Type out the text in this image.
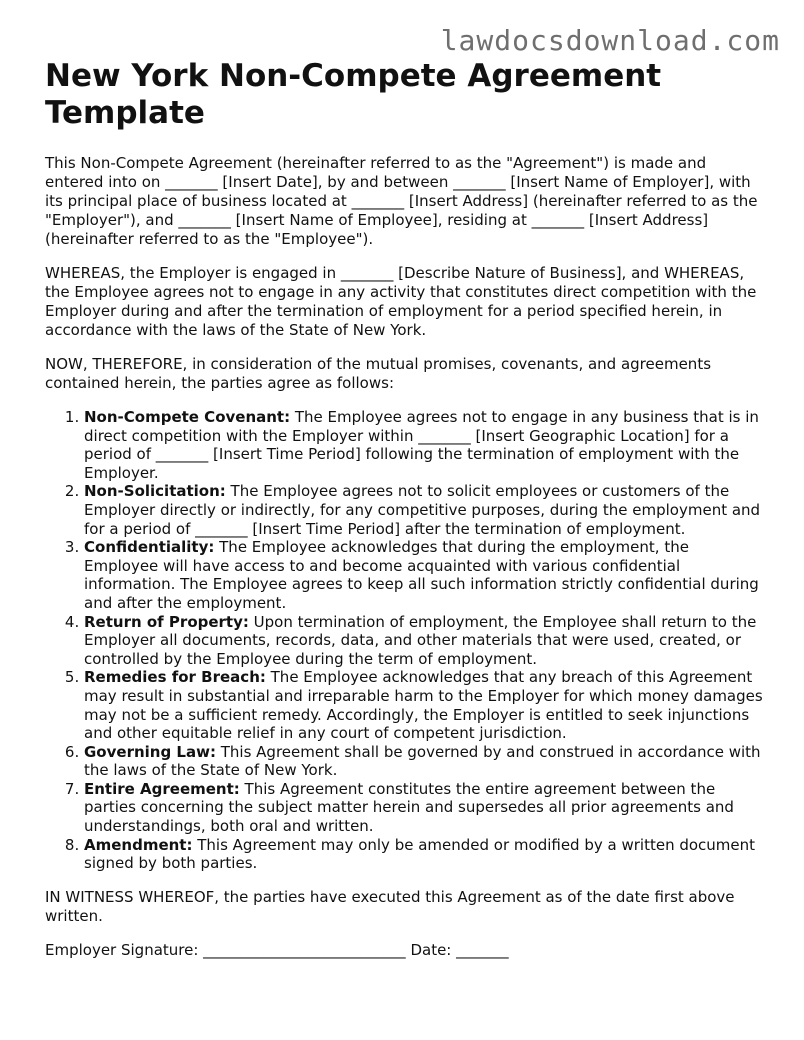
lawdocsdownload.com
New York Non-Compete Agreement Template

This Non-Compete Agreement (hereinafter referred to as the "Agreement") is made and entered into on _______ [Insert Date], by and between _______ [Insert Name of Employer], with its principal place of business located at _______ [Insert Address] (hereinafter referred to as the "Employer"), and _______ [Insert Name of Employee], residing at _______ [Insert Address] (hereinafter referred to as the "Employee").

WHEREAS, the Employer is engaged in _______ [Describe Nature of Business], and WHEREAS, the Employee agrees not to engage in any activity that constitutes direct competition with the Employer during and after the termination of employment for a period specified herein, in accordance with the laws of the State of New York.

NOW, THEREFORE, in consideration of the mutual promises, covenants, and agreements contained herein, the parties agree as follows:

1. Non-Compete Covenant: The Employee agrees not to engage in any business that is in direct competition with the Employer within _______ [Insert Geographic Location] for a period of _______ [Insert Time Period] following the termination of employment with the Employer.
2. Non-Solicitation: The Employee agrees not to solicit employees or customers of the Employer directly or indirectly, for any competitive purposes, during the employment and for a period of _______ [Insert Time Period] after the termination of employment.
3. Confidentiality: The Employee acknowledges that during the employment, the Employee will have access to and become acquainted with various confidential information. The Employee agrees to keep all such information strictly confidential during and after the employment.
4. Return of Property: Upon termination of employment, the Employee shall return to the Employer all documents, records, data, and other materials that were used, created, or controlled by the Employee during the term of employment.
5. Remedies for Breach: The Employee acknowledges that any breach of this Agreement may result in substantial and irreparable harm to the Employer for which money damages may not be a sufficient remedy. Accordingly, the Employer is entitled to seek injunctions and other equitable relief in any court of competent jurisdiction.
6. Governing Law: This Agreement shall be governed by and construed in accordance with the laws of the State of New York.
7. Entire Agreement: This Agreement constitutes the entire agreement between the parties concerning the subject matter herein and supersedes all prior agreements and understandings, both oral and written.
8. Amendment: This Agreement may only be amended or modified by a written document signed by both parties.

IN WITNESS WHEREOF, the parties have executed this Agreement as of the date first above written.

Employer Signature: ___________________________ Date: _______
